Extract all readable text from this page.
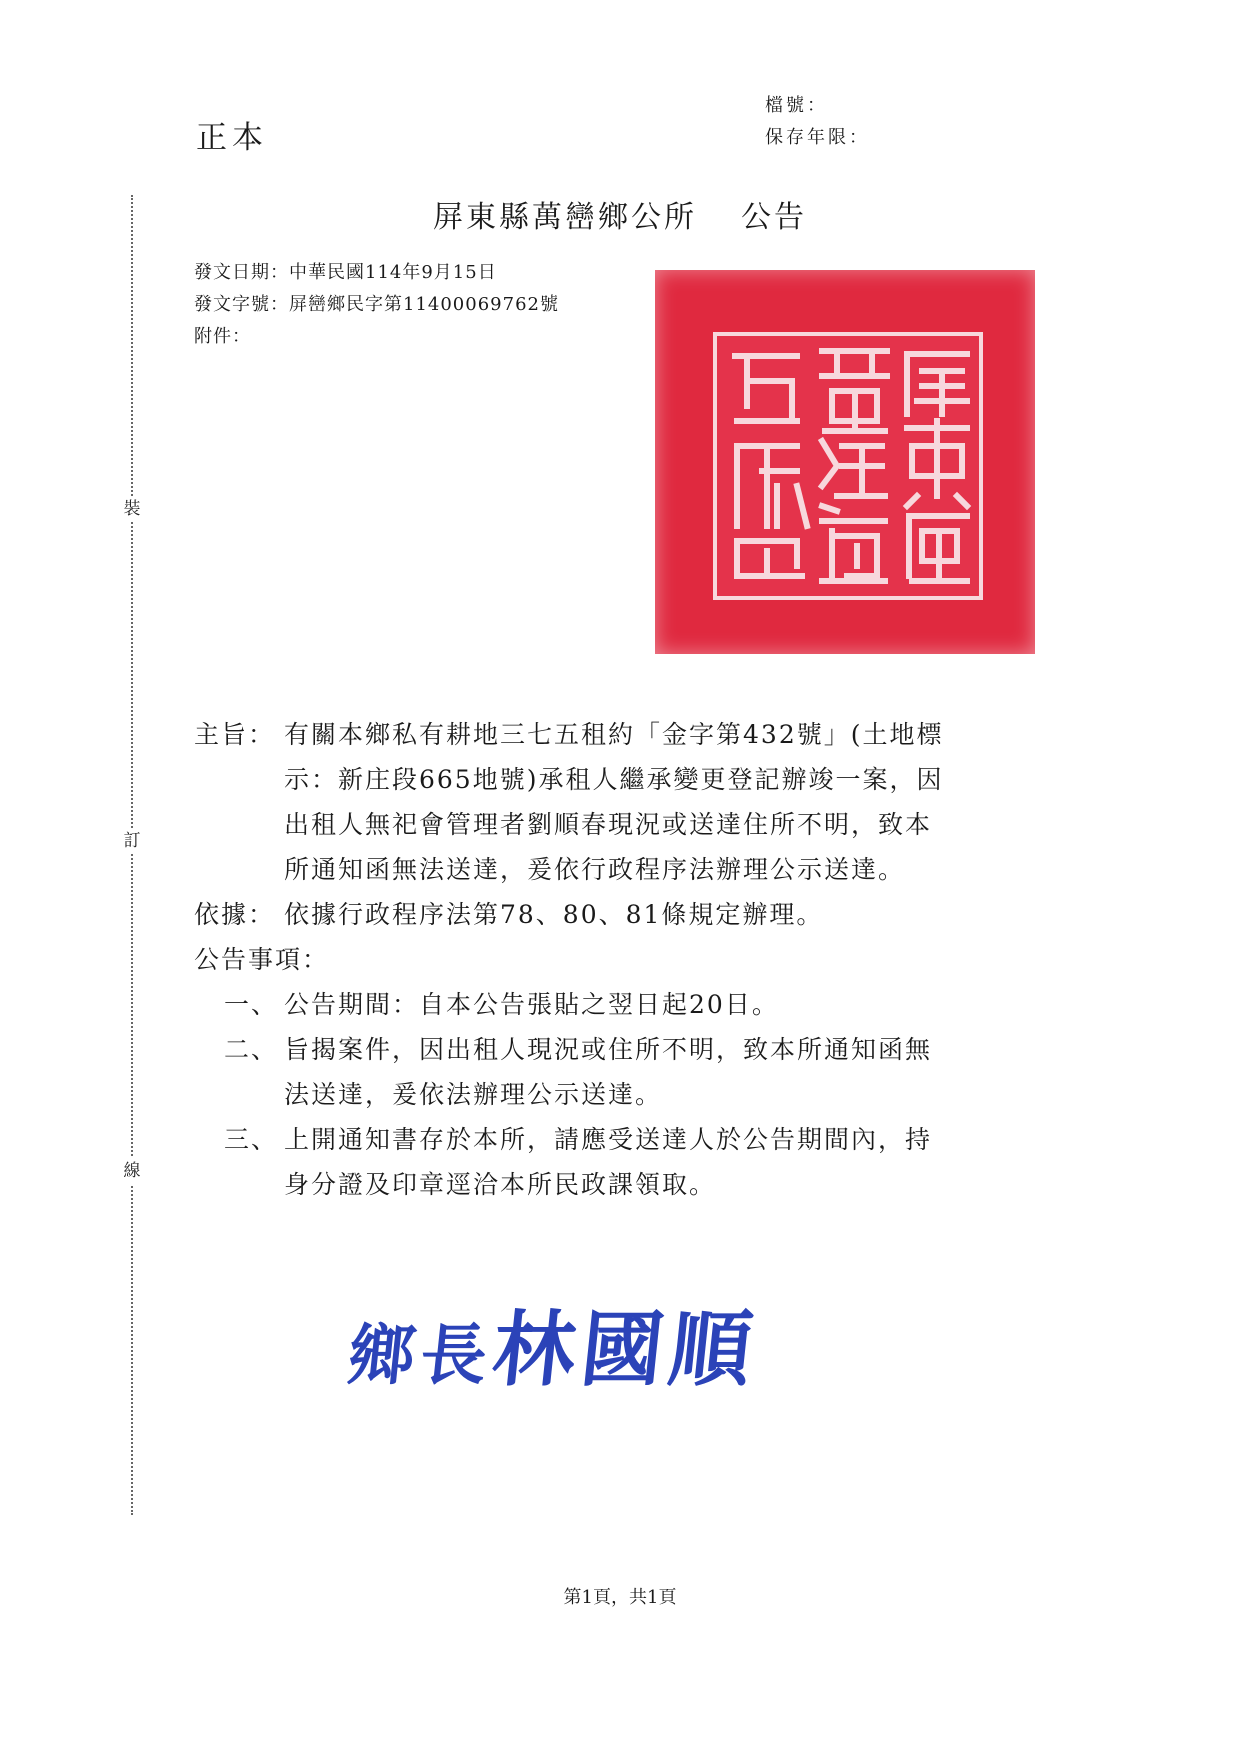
裝
訂
線
正本
檔號：
保存年限：
屏東縣萬巒鄉公所 公告
發文日期：中華民國114年9月15日
發文字號：屏巒鄉民字第11400069762號
附件：
主旨： 有關本鄉私有耕地三七五租約「金字第432號」(土地標
示：新庄段665地號)承租人繼承變更登記辦竣一案，因
出租人無祀會管理者劉順春現況或送達住所不明，致本
所通知函無法送達，爰依行政程序法辦理公示送達。
依據： 依據行政程序法第78、80、81條規定辦理。
公告事項：
一、 公告期間：自本公告張貼之翌日起20日。
二、 旨揭案件，因出租人現況或住所不明，致本所通知函無
法送達，爰依法辦理公示送達。
三、 上開通知書存於本所，請應受送達人於公告期間內，持
身分證及印章逕洽本所民政課領取。
鄉長林國順
第1頁，共1頁
